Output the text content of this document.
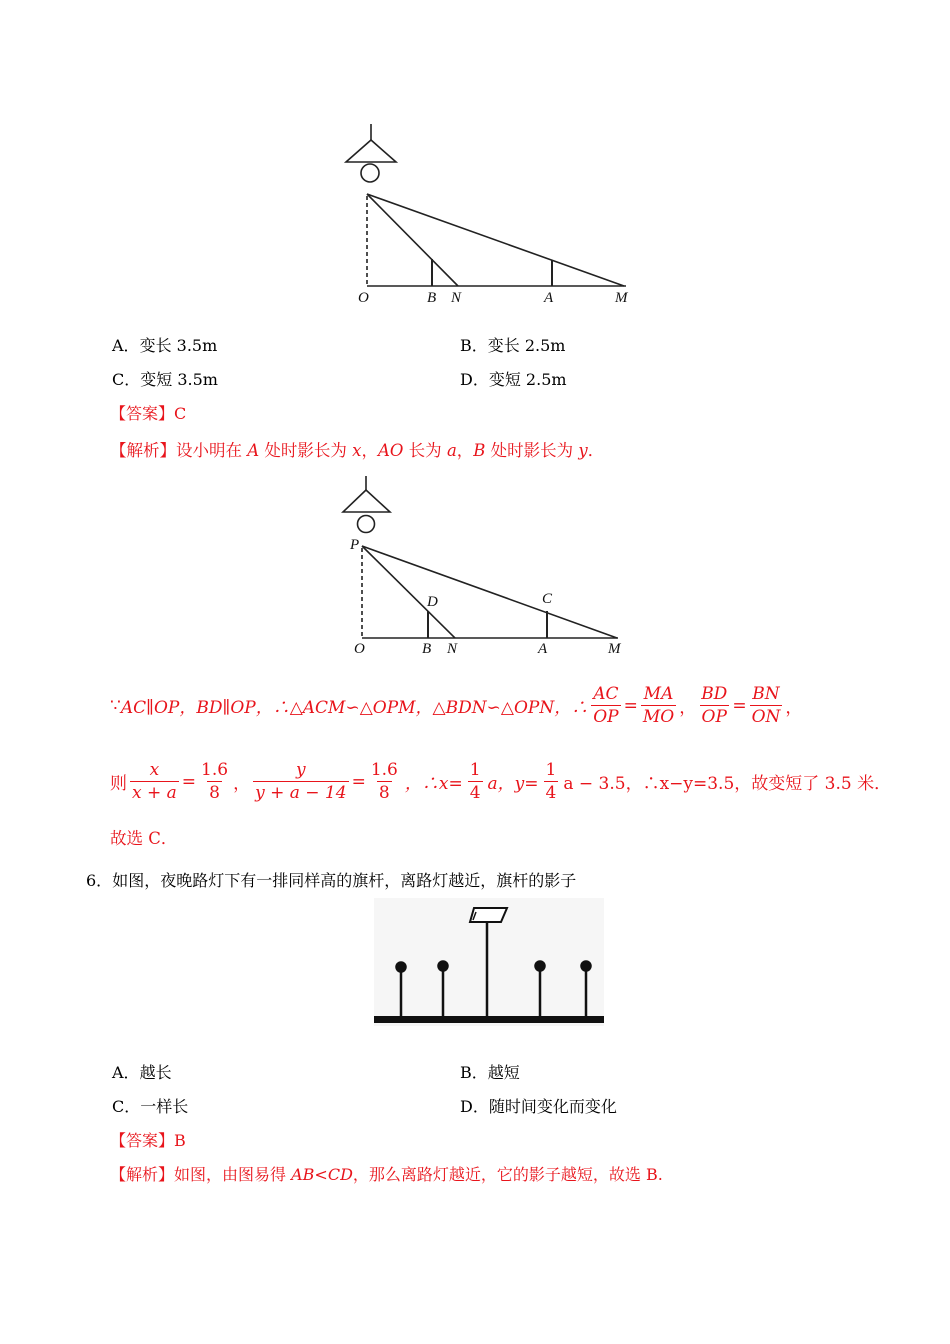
O	B N	A	M
A．变长 3.5m	B．变长 2.5m
C．变短 3.5m	D．变短 2.5m
【答案】C
【解析】设小明在 A 处时影长为 x，AO 长为 a，B 处时影长为 y．
P
D	C
O	B N	A	M
∵ AC∥OP，BD∥OP，∴△ACM∽△OPM，△BDN∽△OPN，∴ $\frac{AC}{OP} = \frac{MA}{MO}$ ， $\frac{BD}{OP} = \frac{BN}{ON}$ ，
则 $\frac{x}{x + a} = \frac{1.6}{8}$ ， $\frac{y}{y + a - 14} = \frac{1.6}{8}$ ，∴x= $\frac{1}{4}$ a，$y= \frac{1}{4}$ a − 3.5，∴x−y=3.5，故变短了 3.5 米．
故选 C．
6．如图，夜晚路灯下有一排同样高的旗杆，离路灯越近，旗杆的影子
A．越长	B．越短
C．一样长	D．随时间变化而变化
【答案】B
【解析】如图，由图易得 AB<CD，那么离路灯越近，它的影子越短，故选 B.
